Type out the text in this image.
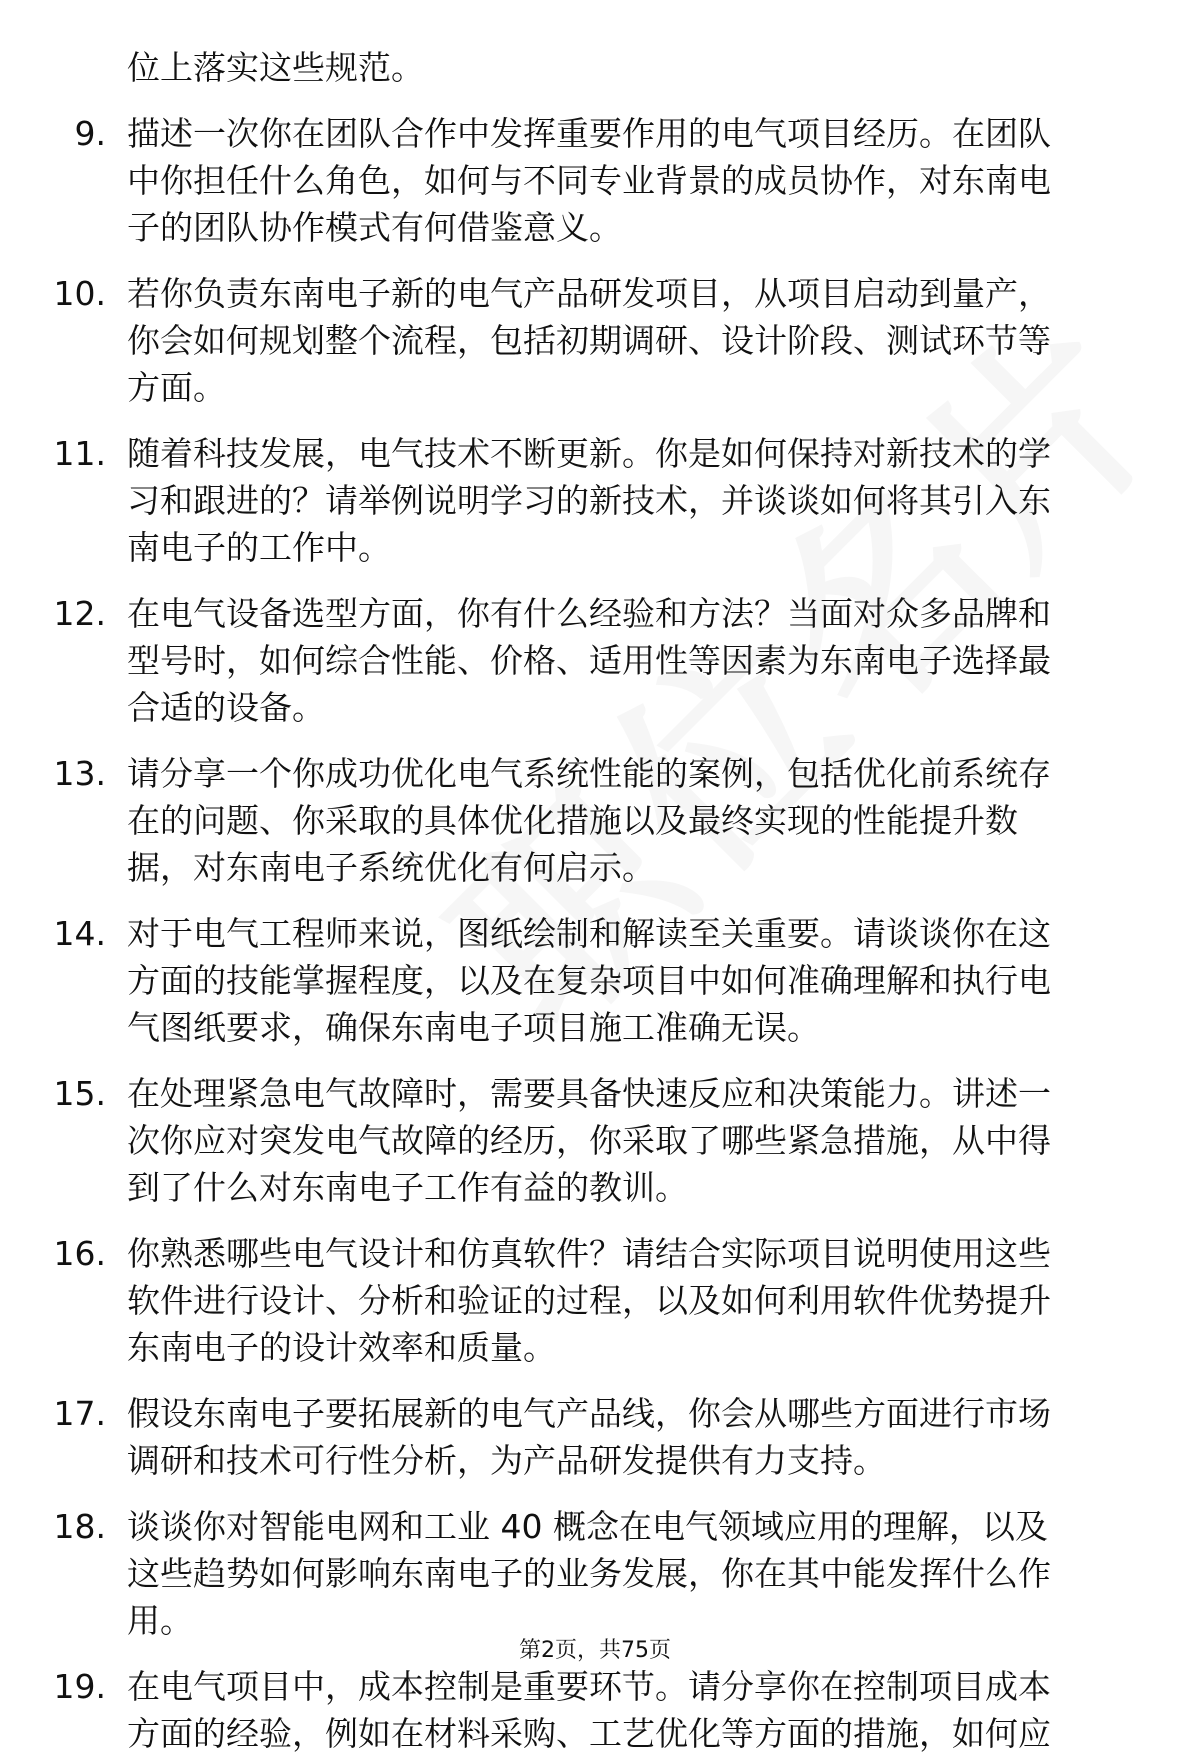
位上落实这些规范。
9. 描述一次你在团队合作中发挥重要作用的电气项目经历。在团队
中你担任什么角色，如何与不同专业背景的成员协作，对东南电
子的团队协作模式有何借鉴意义。
10. 若你负责东南电子新的电气产品研发项目，从项目启动到量产，
你会如何规划整个流程，包括初期调研、设计阶段、测试环节等
方面。
11. 随着科技发展，电气技术不断更新。你是如何保持对新技术的学
习和跟进的？请举例说明学习的新技术，并谈谈如何将其引入东
南电子的工作中。
12. 在电气设备选型方面，你有什么经验和方法？当面对众多品牌和
型号时，如何综合性能、价格、适用性等因素为东南电子选择最
合适的设备。
13. 请分享一个你成功优化电气系统性能的案例，包括优化前系统存
在的问题、你采取的具体优化措施以及最终实现的性能提升数
据，对东南电子系统优化有何启示。
14. 对于电气工程师来说，图纸绘制和解读至关重要。请谈谈你在这
方面的技能掌握程度，以及在复杂项目中如何准确理解和执行电
气图纸要求，确保东南电子项目施工准确无误。
15. 在处理紧急电气故障时，需要具备快速反应和决策能力。讲述一
次你应对突发电气故障的经历，你采取了哪些紧急措施，从中得
到了什么对东南电子工作有益的教训。
16. 你熟悉哪些电气设计和仿真软件？请结合实际项目说明使用这些
软件进行设计、分析和验证的过程，以及如何利用软件优势提升
东南电子的设计效率和质量。
17. 假设东南电子要拓展新的电气产品线，你会从哪些方面进行市场
调研和技术可行性分析，为产品研发提供有力支持。
18. 谈谈你对智能电网和工业 40 概念在电气领域应用的理解，以及
这些趋势如何影响东南电子的业务发展，你在其中能发挥什么作
用。
19. 在电气项目中，成本控制是重要环节。请分享你在控制项目成本
方面的经验，例如在材料采购、工艺优化等方面的措施，如何应
第2页，共75页
